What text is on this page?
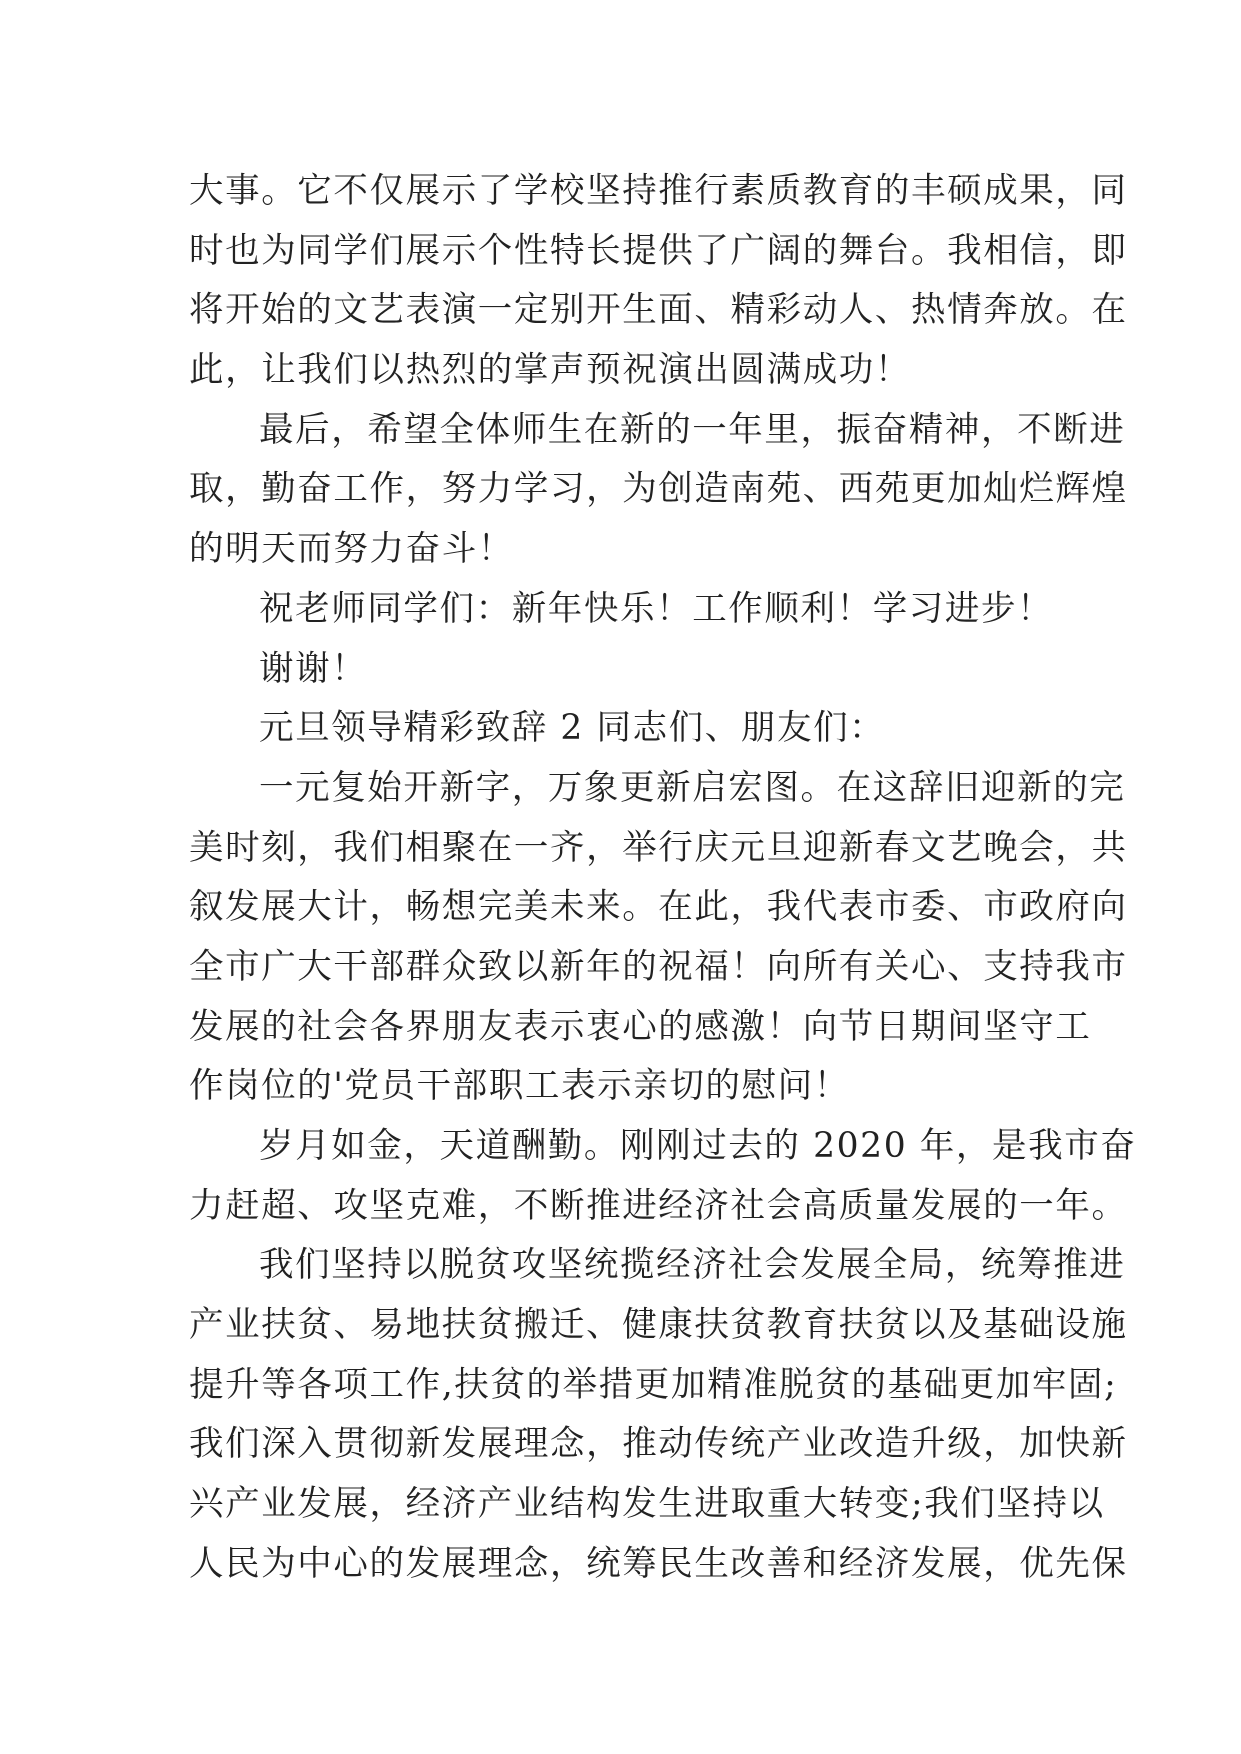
大事。它不仅展示了学校坚持推行素质教育的丰硕成果，同
时也为同学们展示个性特长提供了广阔的舞台。我相信，即
将开始的文艺表演一定别开生面、精彩动人、热情奔放。在
此，让我们以热烈的掌声预祝演出圆满成功！
最后，希望全体师生在新的一年里，振奋精神，不断进
取，勤奋工作，努力学习，为创造南苑、西苑更加灿烂辉煌
的明天而努力奋斗！
祝老师同学们：新年快乐！工作顺利！学习进步！
谢谢！
元旦领导精彩致辞 2 同志们、朋友们：
一元复始开新字，万象更新启宏图。在这辞旧迎新的完
美时刻，我们相聚在一齐，举行庆元旦迎新春文艺晚会，共
叙发展大计，畅想完美未来。在此，我代表市委、市政府向
全市广大干部群众致以新年的祝福！向所有关心、支持我市
发展的社会各界朋友表示衷心的感激！向节日期间坚守工
作岗位的'党员干部职工表示亲切的慰问！
岁月如金，天道酬勤。刚刚过去的 2020 年，是我市奋
力赶超、攻坚克难，不断推进经济社会高质量发展的一年。
我们坚持以脱贫攻坚统揽经济社会发展全局，统筹推进
产业扶贫、易地扶贫搬迁、健康扶贫教育扶贫以及基础设施
提升等各项工作,扶贫的举措更加精准脱贫的基础更加牢固;
我们深入贯彻新发展理念，推动传统产业改造升级，加快新
兴产业发展，经济产业结构发生进取重大转变;我们坚持以
人民为中心的发展理念，统筹民生改善和经济发展，优先保
